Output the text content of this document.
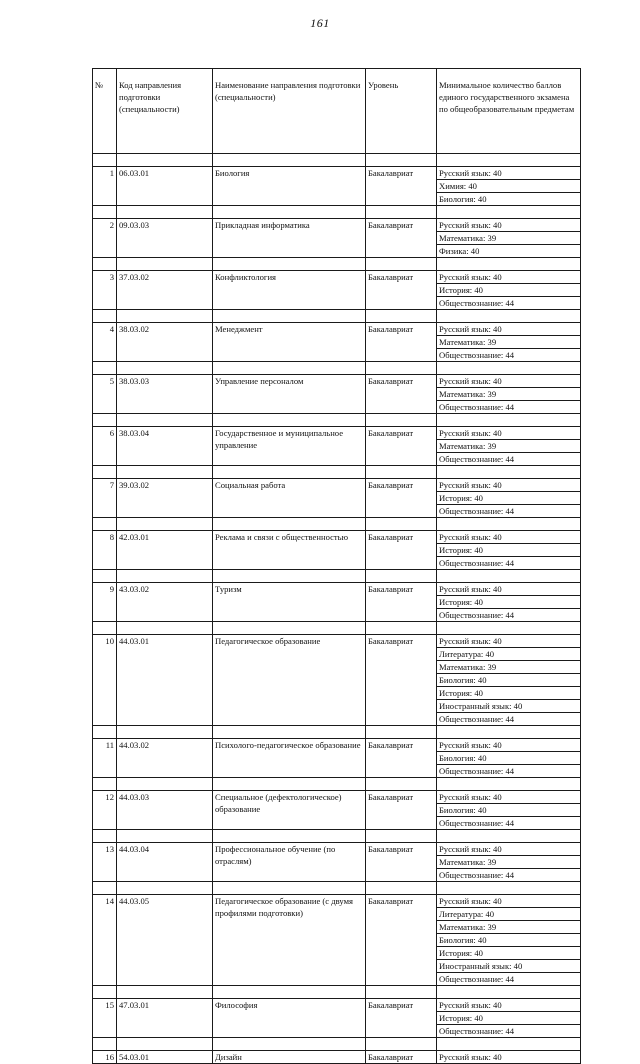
161
№	Код направления подготовки (специальности)	Наименование направления подготовки (специальности)	Уровень	Минимальное количество баллов единого государственного экзамена по общеобразовательным предметам

1	06.03.01	Биология	Бакалавриат	Русский язык: 40
				Химия: 40
				Биология: 40

2	09.03.03	Прикладная информатика	Бакалавриат	Русский язык: 40
				Математика: 39
				Физика: 40

3	37.03.02	Конфликтология	Бакалавриат	Русский язык: 40
				История: 40
				Обществознание: 44

4	38.03.02	Менеджмент	Бакалавриат	Русский язык: 40
				Математика: 39
				Обществознание: 44

5	38.03.03	Управление персоналом	Бакалавриат	Русский язык: 40
				Математика: 39
				Обществознание: 44

6	38.03.04	Государственное и муниципальное управление	Бакалавриат	Русский язык: 40
				Математика: 39
				Обществознание: 44

7	39.03.02	Социальная работа	Бакалавриат	Русский язык: 40
				История: 40
				Обществознание: 44

8	42.03.01	Реклама и связи с общественностью	Бакалавриат	Русский язык: 40
				История: 40
				Обществознание: 44

9	43.03.02	Туризм	Бакалавриат	Русский язык: 40
				История: 40
				Обществознание: 44

10	44.03.01	Педагогическое образование	Бакалавриат	Русский язык: 40
				Литература: 40
				Математика: 39
				Биология: 40
				История: 40
				Иностранный язык: 40
				Обществознание: 44

11	44.03.02	Психолого-педагогическое образование	Бакалавриат	Русский язык: 40
				Биология: 40
				Обществознание: 44

12	44.03.03	Специальное (дефектологическое) образование	Бакалавриат	Русский язык: 40
				Биология: 40
				Обществознание: 44

13	44.03.04	Профессиональное обучение (по отраслям)	Бакалавриат	Русский язык: 40
				Математика: 39
				Обществознание: 44

14	44.03.05	Педагогическое образование (с двумя профилями подготовки)	Бакалавриат	Русский язык: 40
				Литература: 40
				Математика: 39
				Биология: 40
				История: 40
				Иностранный язык: 40
				Обществознание: 44

15	47.03.01	Философия	Бакалавриат	Русский язык: 40
				История: 40
				Обществознание: 44

16	54.03.01	Дизайн	Бакалавриат	Русский язык: 40
